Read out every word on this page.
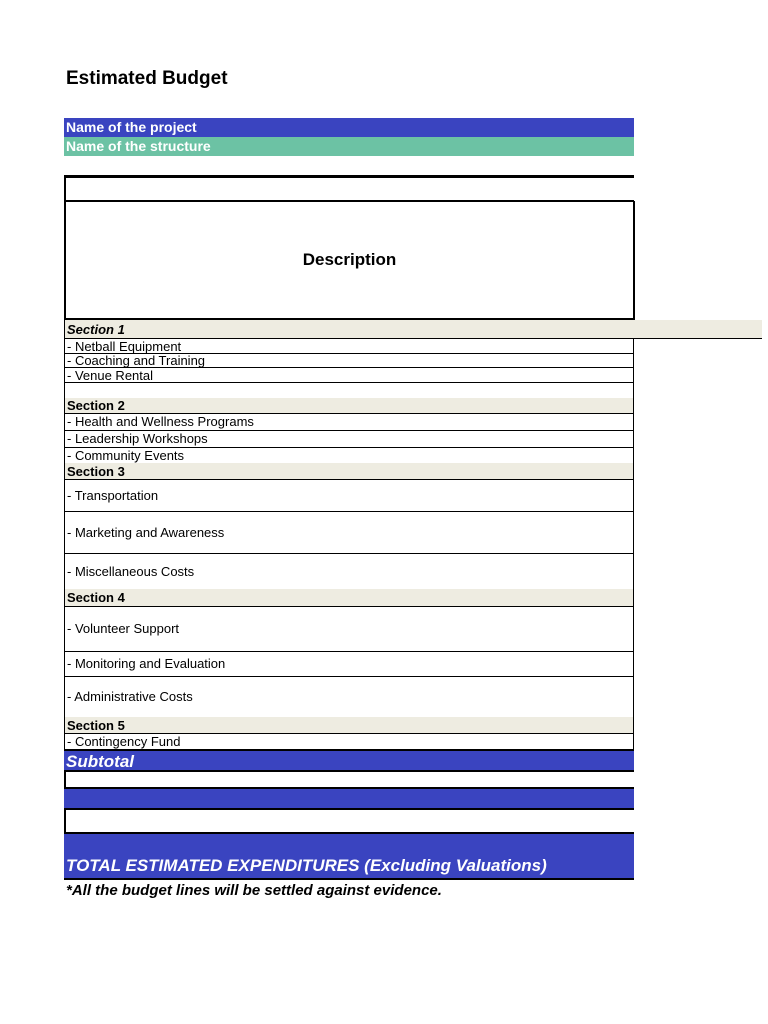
Estimated Budget
Name of the project
Name of the structure
Description
Section 1
- Netball Equipment
- Coaching and Training
- Venue Rental
Section 2
- Health and Wellness Programs
- Leadership Workshops
- Community Events
Section 3
- Transportation
- Marketing and Awareness
- Miscellaneous Costs
Section 4
- Volunteer Support
- Monitoring and Evaluation
- Administrative Costs
Section 5
- Contingency Fund
Subtotal
TOTAL ESTIMATED EXPENDITURES (Excluding Valuations)
*All the budget lines will be settled against evidence.
